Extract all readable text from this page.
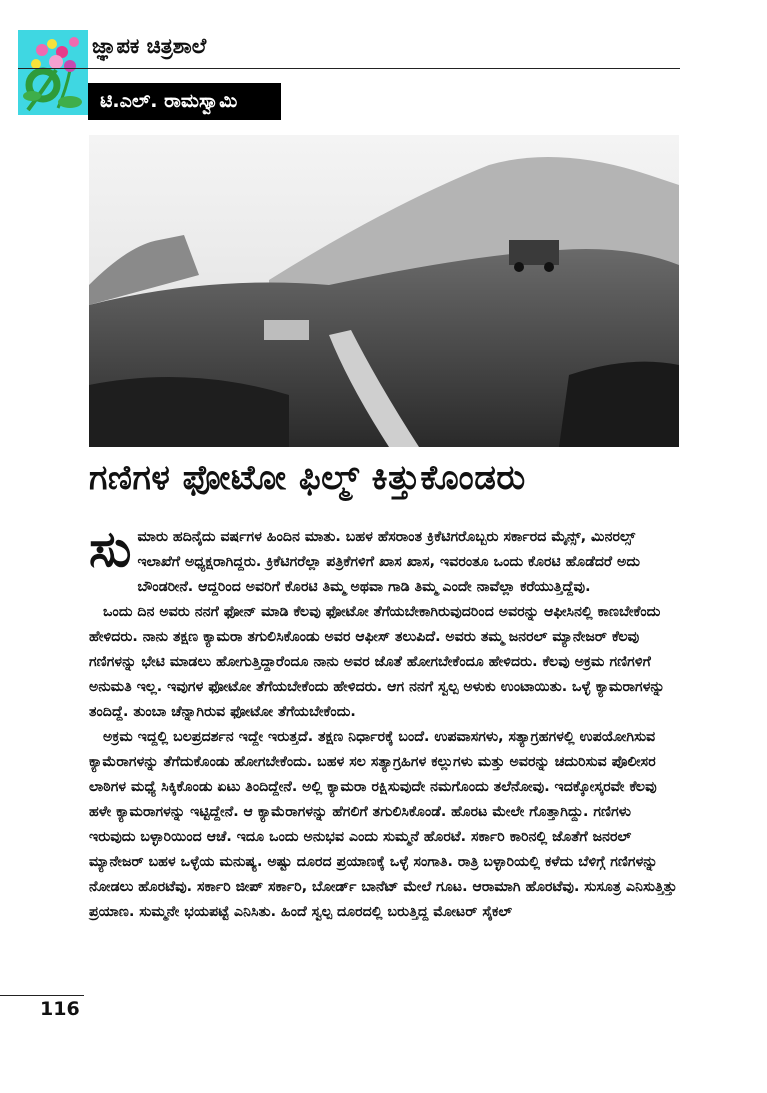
ಜ್ಞಾಪಕ ಚಿತ್ರಶಾಲೆ
ಟಿ.ಎಲ್. ರಾಮಸ್ವಾಮಿ
ಗಣಿಗಳ ಫೋಟೋ ಫಿಲ್ಮ್ ಕಿತ್ತುಕೊಂಡರು

ಸುಮಾರು ಹದಿನೈದು ವರ್ಷಗಳ ಹಿಂದಿನ ಮಾತು. ಬಹಳ ಹೆಸರಾಂತ ಕ್ರಿಕೆಟಿಗರೊಬ್ಬರು ಸರ್ಕಾರದ ಮೈನ್ಸ್, ಮಿನರಲ್ಸ್ ಇಲಾಖೆಗೆ ಅಧ್ಯಕ್ಷರಾಗಿದ್ದರು. ಕ್ರಿಕೆಟಿಗರೆಲ್ಲಾ ಪತ್ರಿಕೆಗಳಿಗೆ ಖಾಸ ಖಾಸ, ಇವರಂತೂ ಒಂದು ಕೊರಟಿ ಹೊಡೆದರೆ ಅದು ಬೌಂಡರೀನೆ. ಆದ್ದರಿಂದ ಅವರಿಗೆ ಕೊರಟಿ ತಿಮ್ಮ ಅಥವಾ ಗಾಡಿ ತಿಮ್ಮ ಎಂದೇ ನಾವೆಲ್ಲಾ ಕರೆಯುತ್ತಿದ್ದೆವು.

ಒಂದು ದಿನ ಅವರು ನನಗೆ ಫೋನ್ ಮಾಡಿ ಕೆಲವು ಫೋಟೋ ತೆಗೆಯಬೇಕಾಗಿರುವುದರಿಂದ ಅವರನ್ನು ಆಫೀಸಿನಲ್ಲಿ ಕಾಣಬೇಕೆಂದು ಹೇಳಿದರು. ನಾನು ತಕ್ಷಣ ಕ್ಯಾಮರಾ ತಗುಲಿಸಿಕೊಂಡು ಅವರ ಆಫೀಸ್ ತಲುಪಿದೆ. ಅವರು ತಮ್ಮ ಜನರಲ್ ಮ್ಯಾನೇಜರ್ ಕೆಲವು ಗಣಿಗಳನ್ನು ಭೇಟಿ ಮಾಡಲು ಹೋಗುತ್ತಿದ್ದಾರೆಂದೂ ನಾನು ಅವರ ಜೊತೆ ಹೋಗಬೇಕೆಂದೂ ಹೇಳಿದರು. ಕೆಲವು ಅಕ್ರಮ ಗಣಿಗಳಿಗೆ ಅನುಮತಿ ಇಲ್ಲ. ಇವುಗಳ ಫೋಟೋ ತೆಗೆಯಬೇಕೆಂದು ಹೇಳಿದರು. ಆಗ ನನಗೆ ಸ್ವಲ್ಪ ಅಳುಕು ಉಂಟಾಯಿತು. ಒಳ್ಳೆ ಕ್ಯಾಮರಾಗಳನ್ನು ತಂದಿದ್ದೆ. ತುಂಬಾ ಚೆನ್ನಾಗಿರುವ ಫೋಟೋ ತೆಗೆಯಬೇಕೆಂದು.

ಅಕ್ರಮ ಇದ್ದಲ್ಲಿ ಬಲಪ್ರದರ್ಶನ ಇದ್ದೇ ಇರುತ್ತದೆ. ತಕ್ಷಣ ನಿರ್ಧಾರಕ್ಕೆ ಬಂದೆ. ಉಪವಾಸಗಳು, ಸತ್ಯಾಗ್ರಹಗಳಲ್ಲಿ ಉಪಯೋಗಿಸುವ ಕ್ಯಾಮೆರಾಗಳನ್ನು ತೆಗೆದುಕೊಂಡು ಹೋಗಬೇಕೆಂದು. ಬಹಳ ಸಲ ಸತ್ಯಾಗ್ರಹಿಗಳ ಕಲ್ಲುಗಳು ಮತ್ತು ಅವರನ್ನು ಚದುರಿಸುವ ಪೊಲೀಸರ ಲಾಠಿಗಳ ಮಧ್ಯೆ ಸಿಕ್ಕಿಕೊಂಡು ಏಟು ತಿಂದಿದ್ದೇನೆ. ಅಲ್ಲಿ ಕ್ಯಾಮರಾ ರಕ್ಷಿಸುವುದೇ ನಮಗೊಂದು ತಲೆನೋವು. ಇದಕ್ಕೋಸ್ಕರವೇ ಕೆಲವು ಹಳೇ ಕ್ಯಾಮರಾಗಳನ್ನು ಇಟ್ಟಿದ್ದೇನೆ. ಆ ಕ್ಯಾಮೆರಾಗಳನ್ನು ಹೆಗಲಿಗೆ ತಗುಲಿಸಿಕೊಂಡೆ. ಹೊರಟ ಮೇಲೇ ಗೊತ್ತಾಗಿದ್ದು. ಗಣಿಗಳು ಇರುವುದು ಬಳ್ಳಾರಿಯಿಂದ ಆಚೆ. ಇದೂ ಒಂದು ಅನುಭವ ಎಂದು ಸುಮ್ಮನೆ ಹೊರಟೆ. ಸರ್ಕಾರಿ ಕಾರಿನಲ್ಲಿ ಜೊತೆಗೆ ಜನರಲ್ ಮ್ಯಾನೇಜರ್ ಬಹಳ ಒಳ್ಳೆಯ ಮನುಷ್ಯ. ಅಷ್ಟು ದೂರದ ಪ್ರಯಾಣಕ್ಕೆ ಒಳ್ಳೆ ಸಂಗಾತಿ. ರಾತ್ರಿ ಬಳ್ಳಾರಿಯಲ್ಲಿ ಕಳೆದು ಬೆಳಿಗ್ಗೆ ಗಣಿಗಳನ್ನು ನೋಡಲು ಹೊರಟೆವು. ಸರ್ಕಾರಿ ಜೀಪ್ ಸರ್ಕಾರಿ, ಬೋರ್ಡ್ ಬಾನೆಟ್ ಮೇಲೆ ಗೂಟ. ಆರಾಮಾಗಿ ಹೊರಟೆವು. ಸುಸೂತ್ರ ಎನಿಸುತ್ತಿತ್ತು ಪ್ರಯಾಣ. ಸುಮ್ಮನೇ ಭಯಪಟ್ಟೆ ಎನಿಸಿತು. ಹಿಂದೆ ಸ್ವಲ್ಪ ದೂರದಲ್ಲಿ ಬರುತ್ತಿದ್ದ ಮೋಟರ್ ಸೈಕಲ್

116
